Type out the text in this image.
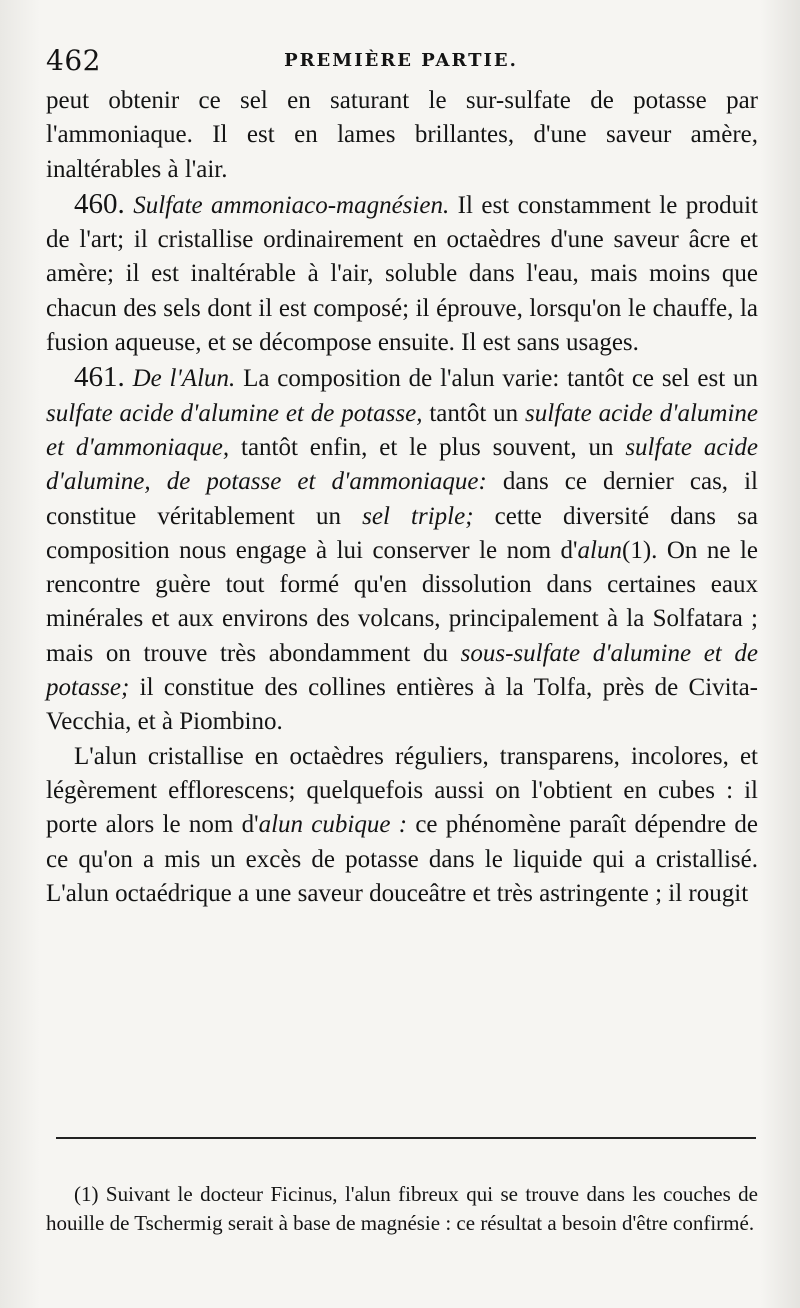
462	PREMIÈRE PARTIE.

peut obtenir ce sel en saturant le sur-sulfate de potasse par l'ammoniaque. Il est en lames brillantes, d'une saveur amère, inaltérables à l'air.

460. Sulfate ammoniaco-magnésien. Il est constamment le produit de l'art; il cristallise ordinairement en octaèdres d'une saveur âcre et amère; il est inaltérable à l'air, soluble dans l'eau, mais moins que chacun des sels dont il est composé; il éprouve, lorsqu'on le chauffe, la fusion aqueuse, et se décompose ensuite. Il est sans usages.

461. De l'Alun. La composition de l'alun varie: tantôt ce sel est un sulfate acide d'alumine et de potasse, tantôt un sulfate acide d'alumine et d'ammoniaque, tantôt enfin, et le plus souvent, un sulfate acide d'alumine, de potasse et d'ammoniaque: dans ce dernier cas, il constitue véritablement un sel triple; cette diversité dans sa composition nous engage à lui conserver le nom d'alun(1). On ne le rencontre guère tout formé qu'en dissolution dans certaines eaux minérales et aux environs des volcans, principalement à la Solfatara ; mais on trouve très abondamment du sous-sulfate d'alumine et de potasse; il constitue des collines entières à la Tolfa, près de Civita-Vecchia, et à Piombino.

L'alun cristallise en octaèdres réguliers, transparens, incolores, et légèrement efflorescens; quelquefois aussi on l'obtient en cubes : il porte alors le nom d'alun cubique : ce phénomène paraît dépendre de ce qu'on a mis un excès de potasse dans le liquide qui a cristallisé. L'alun octaédrique a une saveur douceâtre et très astringente ; il rougit

(1) Suivant le docteur Ficinus, l'alun fibreux qui se trouve dans les couches de houille de Tschermig serait à base de magnésie : ce résultat a besoin d'être confirmé.
